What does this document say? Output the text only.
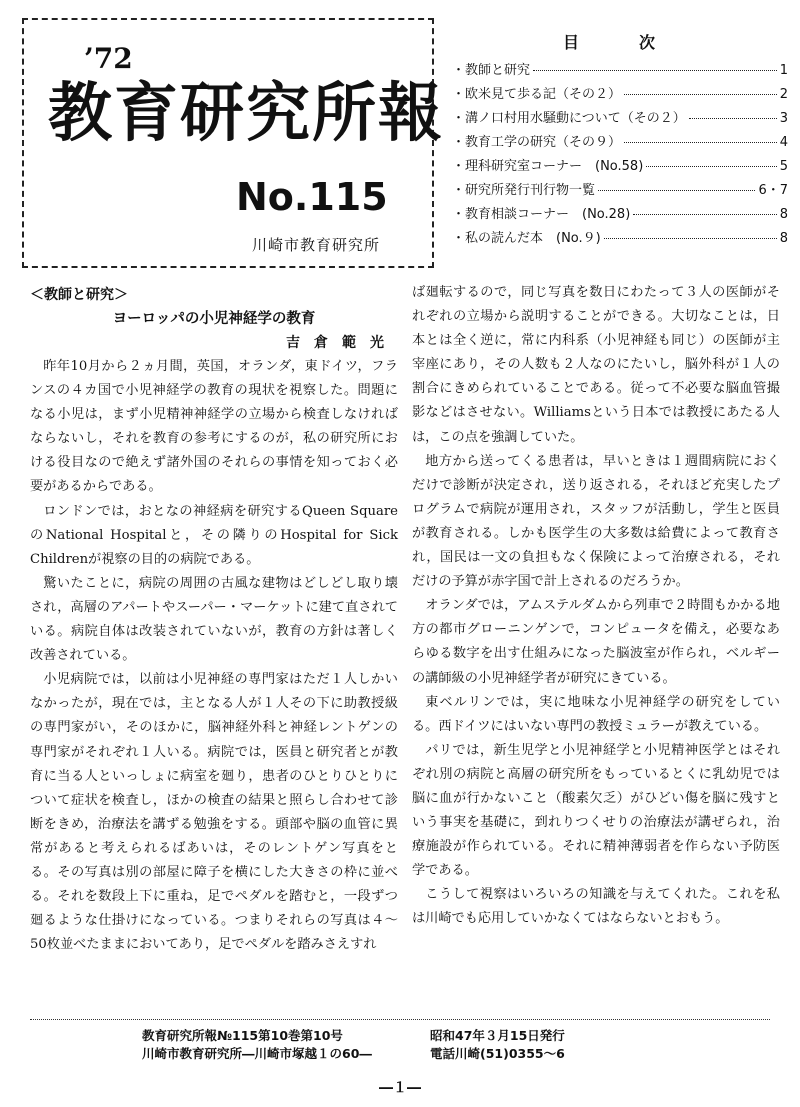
’72
教育研究所報
No.115
川崎市教育研究所
目　次
・教師と研究	1
・欧米見て歩る記（その２）	2
・溝ノ口村用水騒動について（その２）	3
・教育工学の研究（その９）	4
・理科研究室コーナー　(No.58)	5
・研究所発行刊行物一覧	6・7
・教育相談コーナー　(No.28)	8
・私の読んだ本　(No.９)	8
＜教師と研究＞
ヨーロッパの小児神経学の教育
吉倉範光

昨年10月から２ヵ月間，英国，オランダ，東ドイツ，フランスの４カ国で小児神経学の教育の現状を視察した。問題になる小児は，まず小児精神神経学の立場から検査しなければならないし，それを教育の参考にするのが，私の研究所における役目なので絶えず諸外国のそれらの事情を知っておく必要があるからである。

ロンドンでは，おとなの神経病を研究するQueen SquareのNational Hospitalと，その隣りのHospital for Sick Childrenが視察の目的の病院である。

驚いたことに，病院の周囲の古風な建物はどしどし取り壊され，高層のアパートやスーパー・マーケットに建て直されている。病院自体は改装されていないが，教育の方針は著しく改善されている。

小児病院では，以前は小児神経の専門家はただ１人しかいなかったが，現在では，主となる人が１人その下に助教授級の専門家がい，そのほかに，脳神経外科と神経レントゲンの専門家がそれぞれ１人いる。病院では，医員と研究者とが教育に当る人といっしょに病室を廻り，患者のひとりひとりについて症状を検査し，ほかの検査の結果と照らし合わせて診断をきめ，治療法を講ずる勉強をする。頭部や脳の血管に異常があると考えられるばあいは，そのレントゲン写真をとる。その写真は別の部屋に障子を横にした大きさの枠に並べる。それを数段上下に重ね，足でペダルを踏むと，一段ずつ廻るような仕掛けになっている。つまりそれらの写真は４～50枚並べたままにおいてあり，足でペダルを踏みさえすれ

ば廻転するので，同じ写真を数日にわたって３人の医師がそれぞれの立場から説明することができる。大切なことは，日本とは全く逆に，常に内科系（小児神経も同じ）の医師が主宰座にあり，その人数も２人なのにたいし，脳外科が１人の割合にきめられていることである。従って不必要な脳血管撮影などはさせない。Williamsという日本では教授にあたる人は，この点を強調していた。

地方から送ってくる患者は，早いときは１週間病院におくだけで診断が決定され，送り返される，それほど充実したプログラムで病院が運用され，スタッフが活動し，学生と医員が教育される。しかも医学生の大多数は給費によって教育され，国民は一文の負担もなく保険によって治療される，それだけの予算が赤字国で計上されるのだろうか。

オランダでは，アムステルダムから列車で２時間もかかる地方の都市グローニンゲンで，コンピュータを備え，必要なあらゆる数字を出す仕組みになった脳波室が作られ，ベルギーの講師級の小児神経学者が研究にきている。

東ベルリンでは，実に地味な小児神経学の研究をしている。西ドイツにはいない専門の教授ミュラーが教えている。

パリでは，新生児学と小児神経学と小児精神医学とはそれぞれ別の病院と高層の研究所をもっているとくに乳幼児では脳に血が行かないこと（酸素欠乏）がひどい傷を脳に残すという事実を基礎に，到れりつくせりの治療法が講ぜられ，治療施設が作られている。それに精神薄弱者を作らない予防医学である。

こうして視察はいろいろの知識を与えてくれた。これを私は川崎でも応用していかなくてはならないとおもう。

教育研究所報№115第10巻第10号
川崎市教育研究所―川崎市塚越１の60―
昭和47年３月15日発行
電話川崎(51)0355～6
―１―
